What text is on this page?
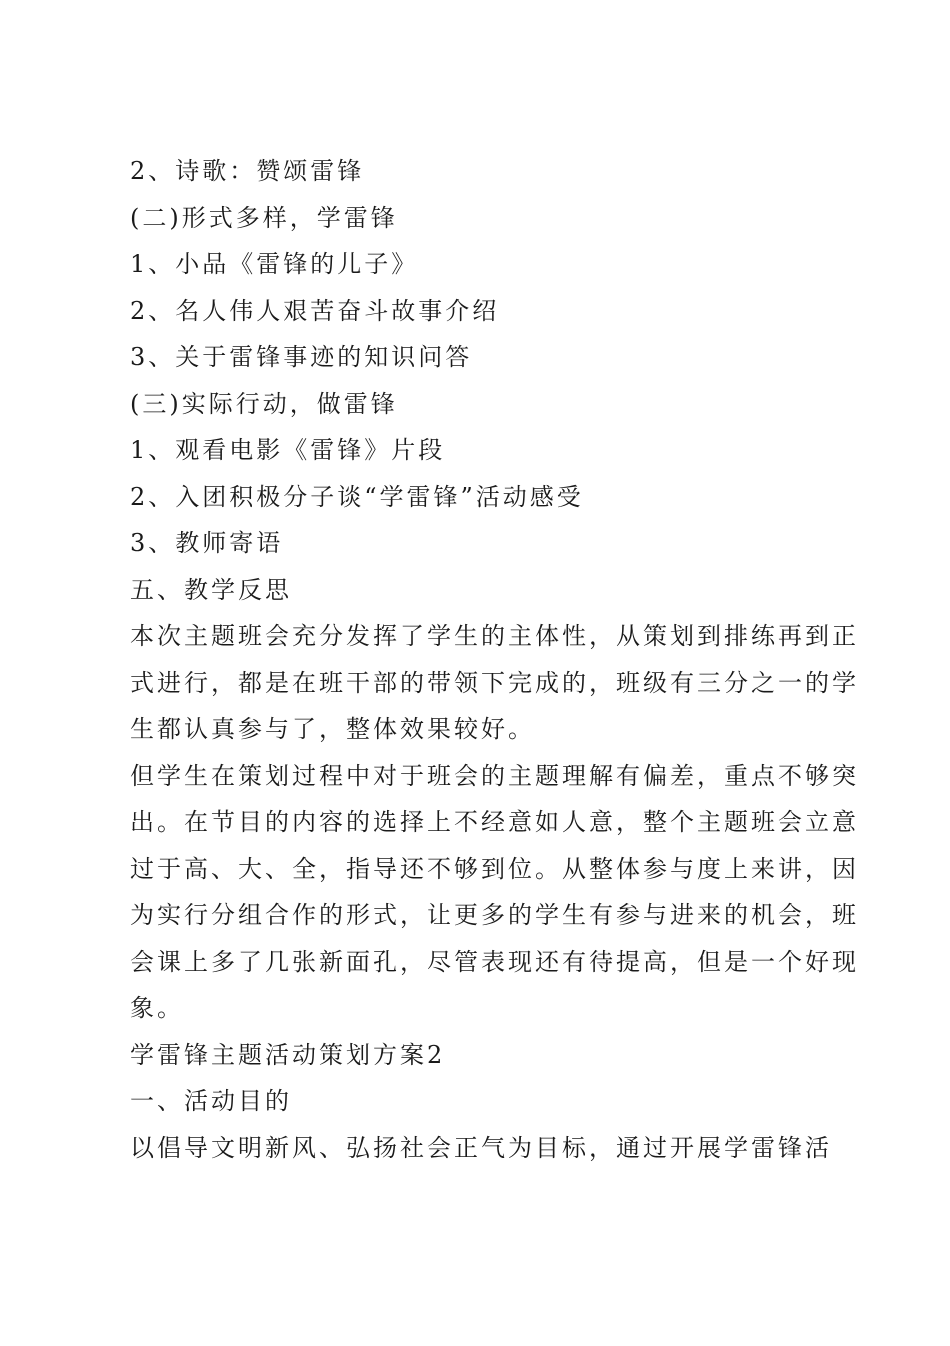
2、诗歌：赞颂雷锋
(二)形式多样，学雷锋
1、小品《雷锋的儿子》
2、名人伟人艰苦奋斗故事介绍
3、关于雷锋事迹的知识问答
(三)实际行动，做雷锋
1、观看电影《雷锋》片段
2、入团积极分子谈“学雷锋”活动感受
3、教师寄语
五、教学反思
本次主题班会充分发挥了学生的主体性，从策划到排练再到正
式进行，都是在班干部的带领下完成的，班级有三分之一的学
生都认真参与了，整体效果较好。
但学生在策划过程中对于班会的主题理解有偏差，重点不够突
出。在节目的内容的选择上不经意如人意，整个主题班会立意
过于高、大、全，指导还不够到位。从整体参与度上来讲，因
为实行分组合作的形式，让更多的学生有参与进来的机会，班
会课上多了几张新面孔，尽管表现还有待提高，但是一个好现
象。
学雷锋主题活动策划方案2
一、活动目的
以倡导文明新风、弘扬社会正气为目标，通过开展学雷锋活
